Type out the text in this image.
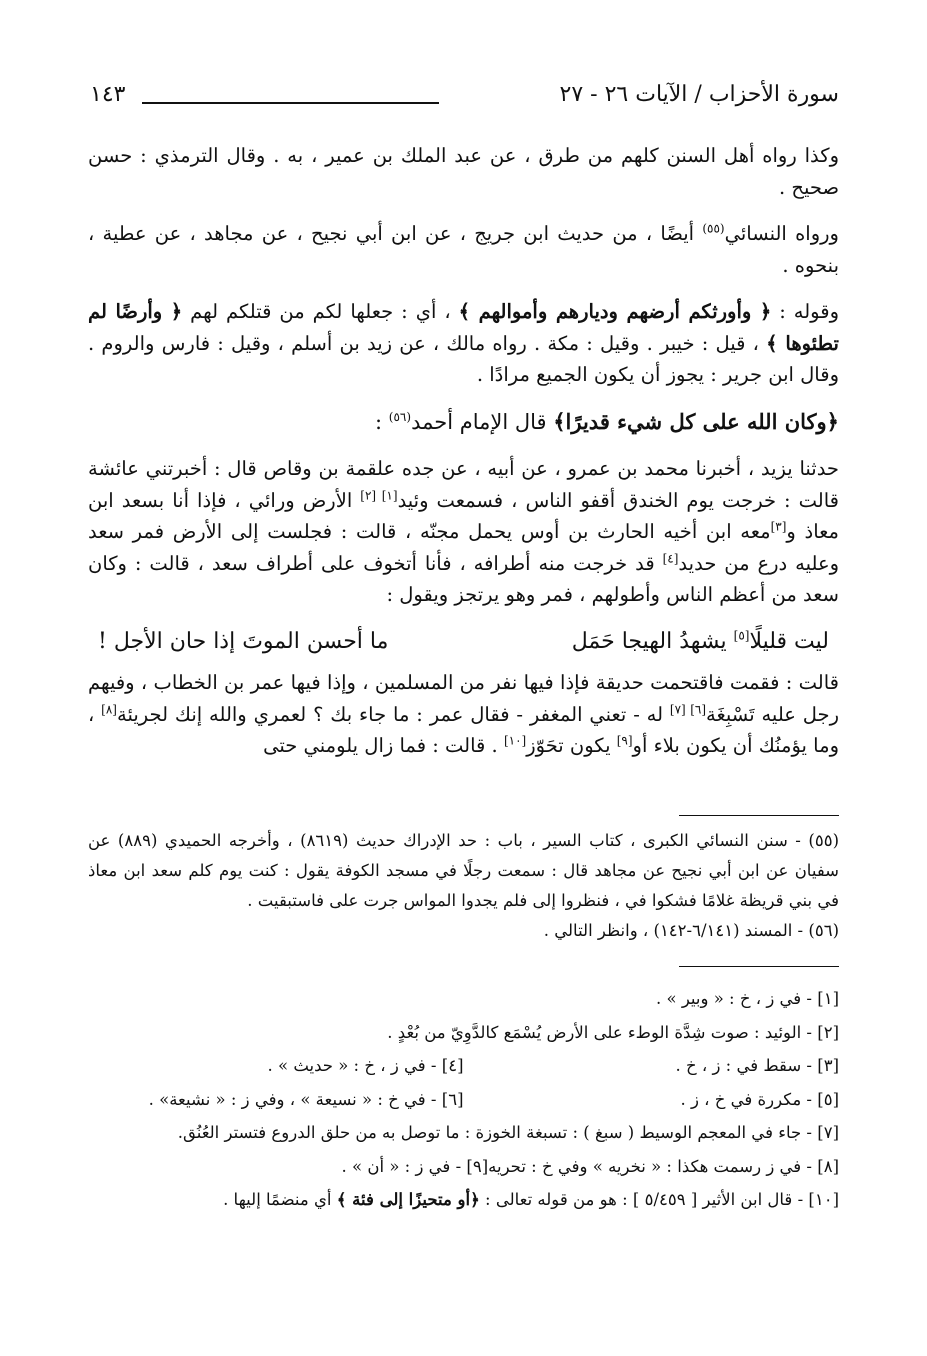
سورة الأحزاب / الآيات ٢٦ - ٢٧
١٤٣

وكذا رواه أهل السنن كلهم من طرق ، عن عبد الملك بن عمير ، به . وقال الترمذي : حسن صحيح .

ورواه النسائي$^{(٥٥)}$ أيضًا ، من حديث ابن جريج ، عن ابن أبي نجيح ، عن مجاهد ، عن عطية ، بنحوه .

وقوله : ﴿ وأورثكم أرضهم وديارهم وأموالهم ﴾ ، أي : جعلها لكم من قتلكم لهم ﴿ وأرضًا لم تطئوها ﴾ ، قيل : خيبر . وقيل : مكة . رواه مالك ، عن زيد بن أسلم ، وقيل : فارس والروم . وقال ابن جرير : يجوز أن يكون الجميع مرادًا .

﴿وكان الله على كل شيء قديرًا﴾ قال الإمام أحمد$^{(٥٦)}$ :

حدثنا يزيد ، أخبرنا محمد بن عمرو ، عن أبيه ، عن جده علقمة بن وقاص قال : أخبرتني عائشة قالت : خرجت يوم الخندق أقفو الناس ، فسمعت وئيد[١] [٢] الأرض ورائي ، فإذا أنا بسعد ابن معاذ و[٣]معه ابن أخيه الحارث بن أوس يحمل مجنّه ، قالت : فجلست إلى الأرض فمر سعد وعليه درع من حديد[٤] قد خرجت منه أطرافه ، فأنا أتخوف على أطراف سعد ، قالت : وكان سعد من أعظم الناس وأطولهم ، فمر وهو يرتجز ويقول :

ليت قليلًا[٥] يشهدُ الهيجا حَمَل
ما أحسن الموتَ إذا حان الأجل !

قالت : فقمت فاقتحمت حديقة فإذا فيها نفر من المسلمين ، وإذا فيها عمر بن الخطاب ، وفيهم رجل عليه تَسْبِغَة[٦] [٧] له - تعني المغفر - فقال عمر : ما جاء بك ؟ لعمري والله إنك لجريئة[٨] ، وما يؤمنُك أن يكون بلاء أو[٩] يكون تحَوّز[١٠] . قالت : فما زال يلومني حتى

(٥٥) - سنن النسائي الكبرى ، كتاب السير ، باب : حد الإدراك حديث (٨٦١٩) ، وأخرجه الحميدي (٨٨٩) عن سفيان عن ابن أبي نجيح عن مجاهد قال : سمعت رجلًا في مسجد الكوفة يقول : كنت يوم كلم سعد ابن معاذ في بني قريظة غلامًا فشكوا في ، فنظروا إلى فلم يجدوا المواس جرت على فاستبقيت .

(٥٦) - المسند (٦/١٤١-١٤٢) ، وانظر التالي .

[١] - في ز ، خ : « وبير » .
[٢] - الوئيد : صوت شِدَّة الوطء على الأرض يُسْمَع كالدَّوِيّ من بُعْدٍ .
[٣] - سقط في : ز ، خ .
[٤] - في ز ، خ : « حديث » .
[٥] - مكررة في خ ، ز .
[٦] - في خ : « نسيعة » ، وفي ز : « نشيعة» .
[٧] - جاء في المعجم الوسيط ( سبغ ) : تسبغة الخوزة : ما توصل به من حلق الدروع فتستر العُنُق.
[٨] - في ز رسمت هكذا : « نخريه » وفي خ : تحريه[٩] - في ز : « أن » .
[١٠] - قال ابن الأثير [ ٥/٤٥٩ ] : هو من قوله تعالى : ﴿أو متحيزًا إلى فئة ﴾ أي منضمًا إليها .
